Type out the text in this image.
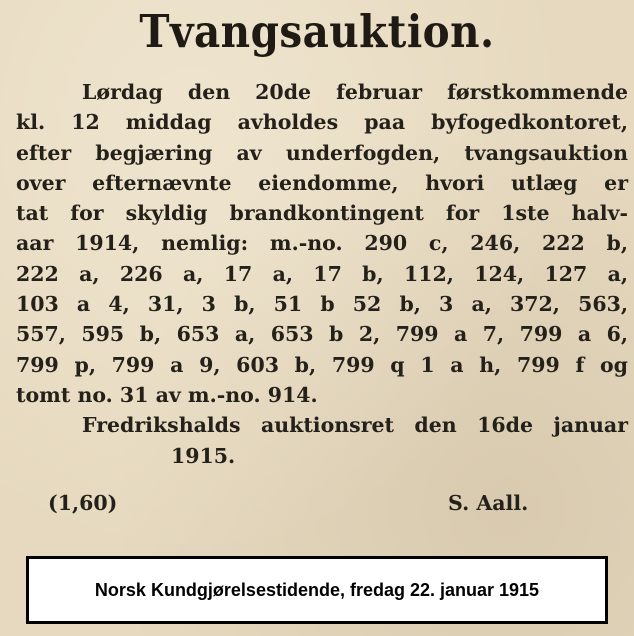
Tvangsauktion.
Lørdag den 20de februar førstkommende
kl. 12 middag avholdes paa byfogedkontoret,
efter begjæring av underfogden, tvangsauktion
over efternævnte eiendomme, hvori utlæg er
tat for skyldig brandkontingent for 1ste halv-
aar 1914, nemlig: m.-no. 290 c, 246, 222 b,
222 a, 226 a, 17 a, 17 b, 112, 124, 127 a,
103 a 4, 31, 3 b, 51 b 52 b, 3 a, 372, 563,
557, 595 b, 653 a, 653 b 2, 799 a 7, 799 a 6,
799 p, 799 a 9, 603 b, 799 q 1 a h, 799 f og
tomt no. 31 av m.-no. 914.
Fredrikshalds auktionsret den 16de januar
1915.
(1,60)	S. Aall.
Norsk Kundgjørelsestidende, fredag 22. januar 1915
